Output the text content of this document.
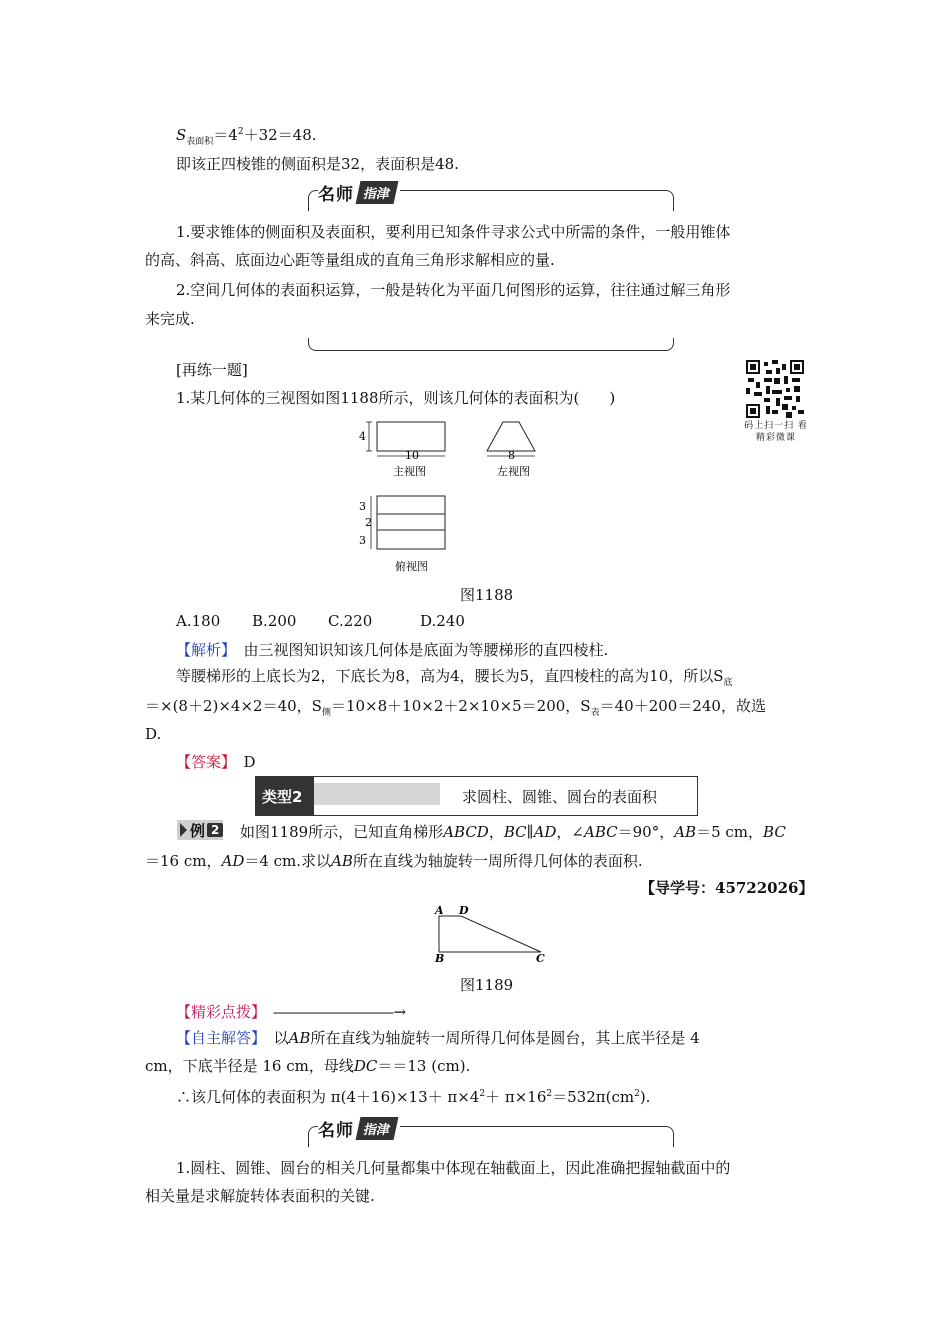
$S_{表面积}=4^2+32=48$.
即该正四棱锥的侧面积是32，表面积是48.
名师 指津
1.要求锥体的侧面积及表面积，要利用已知条件寻求公式中所需的条件，一般用锥体
的高、斜高、底面边心距等量组成的直角三角形求解相应的量.
2.空间几何体的表面积运算，一般是转化为平面几何图形的运算，往往通过解三角形
来完成.
[再练一题]
1.某几何体的三视图如图1188所示，则该几何体的表面积为(　　)
码上扫一扫 看精彩微课
4
10
主视图
8
左视图
3
2
3
俯视图
图1188
A.180 B.200 C.220	D.240
【解析】　 由三视图知识知该几何体是底面为等腰梯形的直四棱柱.
等腰梯形的上底长为2，下底长为8，高为4，腰长为5，直四棱柱的高为10，所以$S_底$
＝×(8＋2)×4×2＝40，$S_侧=10\times 8+10\times 2+2\times 10\times 5=200$，$S_表=40+200=240$，故选
D.
【答案】　 D
类型2	求圆柱、圆锥、圆台的表面积
例 2 如图1189所示，已知直角梯形ABCD，BC∥AD，∠ABC＝90°，AB＝5 cm，BC
＝16 cm，AD＝4 cm.求以AB所在直线为轴旋转一周所得几何体的表面积.
【导学号：45722026】
A D
B	C
图1189
【精彩点拨】　 ――――――――→
【自主解答】　 以AB所在直线为轴旋转一周所得几何体是圆台，其上底半径是 4
cm，下底半径是 16 cm，母线DC＝＝13 (cm).
∴该几何体的表面积为 $\pi(4+16)\times 13+ \pi\times 4^2+ \pi\times 16^2=532\pi(cm^2)$.
名师 指津
1.圆柱、圆锥、圆台的相关几何量都集中体现在轴截面上，因此准确把握轴截面中的
相关量是求解旋转体表面积的关键.
